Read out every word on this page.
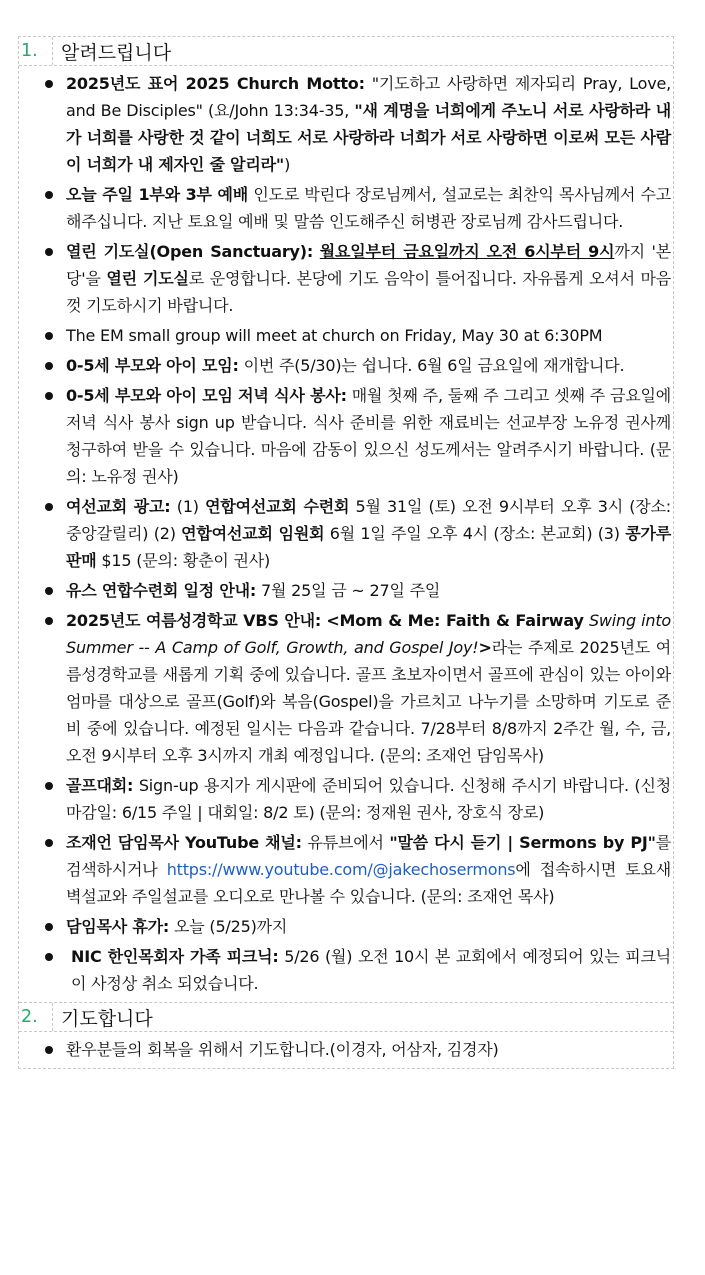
1.	알려드립니다
2025년도 표어 2025 Church Motto: "기도하고 사랑하면 제자되리 Pray, Love, and Be Disciples" (요/John 13:34-35, "새 계명을 너희에게 주노니 서로 사랑하라 내가 너희를 사랑한 것 같이 너희도 서로 사랑하라 너희가 서로 사랑하면 이로써 모든 사람이 너희가 내 제자인 줄 알리라")
오늘 주일 1부와 3부 예배 인도로 박린다 장로님께서, 설교로는 최찬익 목사님께서 수고해주십니다. 지난 토요일 예배 및 말씀 인도해주신 허병관 장로님께 감사드립니다.
열린 기도실(Open Sanctuary): 월요일부터 금요일까지 오전 6시부터 9시까지 '본당'을 열린 기도실로 운영합니다. 본당에 기도 음악이 틀어집니다. 자유롭게 오셔서 마음껏 기도하시기 바랍니다.
The EM small group will meet at church on Friday, May 30 at 6:30PM
0-5세 부모와 아이 모임: 이번 주(5/30)는 쉽니다. 6월 6일 금요일에 재개합니다.
0-5세 부모와 아이 모임 저녁 식사 봉사: 매월 첫째 주, 둘째 주 그리고 셋째 주 금요일에 저녁 식사 봉사 sign up 받습니다. 식사 준비를 위한 재료비는 선교부장 노유정 권사께 청구하여 받을 수 있습니다. 마음에 감동이 있으신 성도께서는 알려주시기 바랍니다. (문의: 노유정 권사)
여선교회 광고: (1) 연합여선교회 수련회 5월 31일 (토) 오전 9시부터 오후 3시 (장소: 중앙갈릴리) (2) 연합여선교회 임원회 6월 1일 주일 오후 4시 (장소: 본교회) (3) 콩가루 판매 $15 (문의: 황춘이 권사)
유스 연합수련회 일정 안내: 7월 25일 금 ~ 27일 주일
2025년도 여름성경학교 VBS 안내: <Mom & Me: Faith & Fairway Swing into Summer -- A Camp of Golf, Growth, and Gospel Joy!>라는 주제로 2025년도 여름성경학교를 새롭게 기획 중에 있습니다. 골프 초보자이면서 골프에 관심이 있는 아이와 엄마를 대상으로 골프(Golf)와 복음(Gospel)을 가르치고 나누기를 소망하며 기도로 준비 중에 있습니다. 예정된 일시는 다음과 같습니다. 7/28부터 8/8까지 2주간 월, 수, 금, 오전 9시부터 오후 3시까지 개최 예정입니다. (문의: 조재언 담임목사)
골프대회: Sign-up 용지가 게시판에 준비되어 있습니다. 신청해 주시기 바랍니다. (신청 마감일: 6/15 주일 | 대회일: 8/2 토) (문의: 정재원 권사, 장호식 장로)
조재언 담임목사 YouTube 채널: 유튜브에서 "말씀 다시 듣기 | Sermons by PJ"를 검색하시거나 https://www.youtube.com/@jakechosermons에 접속하시면 토요새벽설교와 주일설교를 오디오로 만나볼 수 있습니다. (문의: 조재언 목사)
담임목사 휴가: 오늘 (5/25)까지
NIC 한인목회자 가족 피크닉: 5/26 (월) 오전 10시 본 교회에서 예정되어 있는 피크닉이 사정상 취소 되었습니다.
2.	기도합니다
환우분들의 회복을 위해서 기도합니다.(이경자, 어삼자, 김경자)
